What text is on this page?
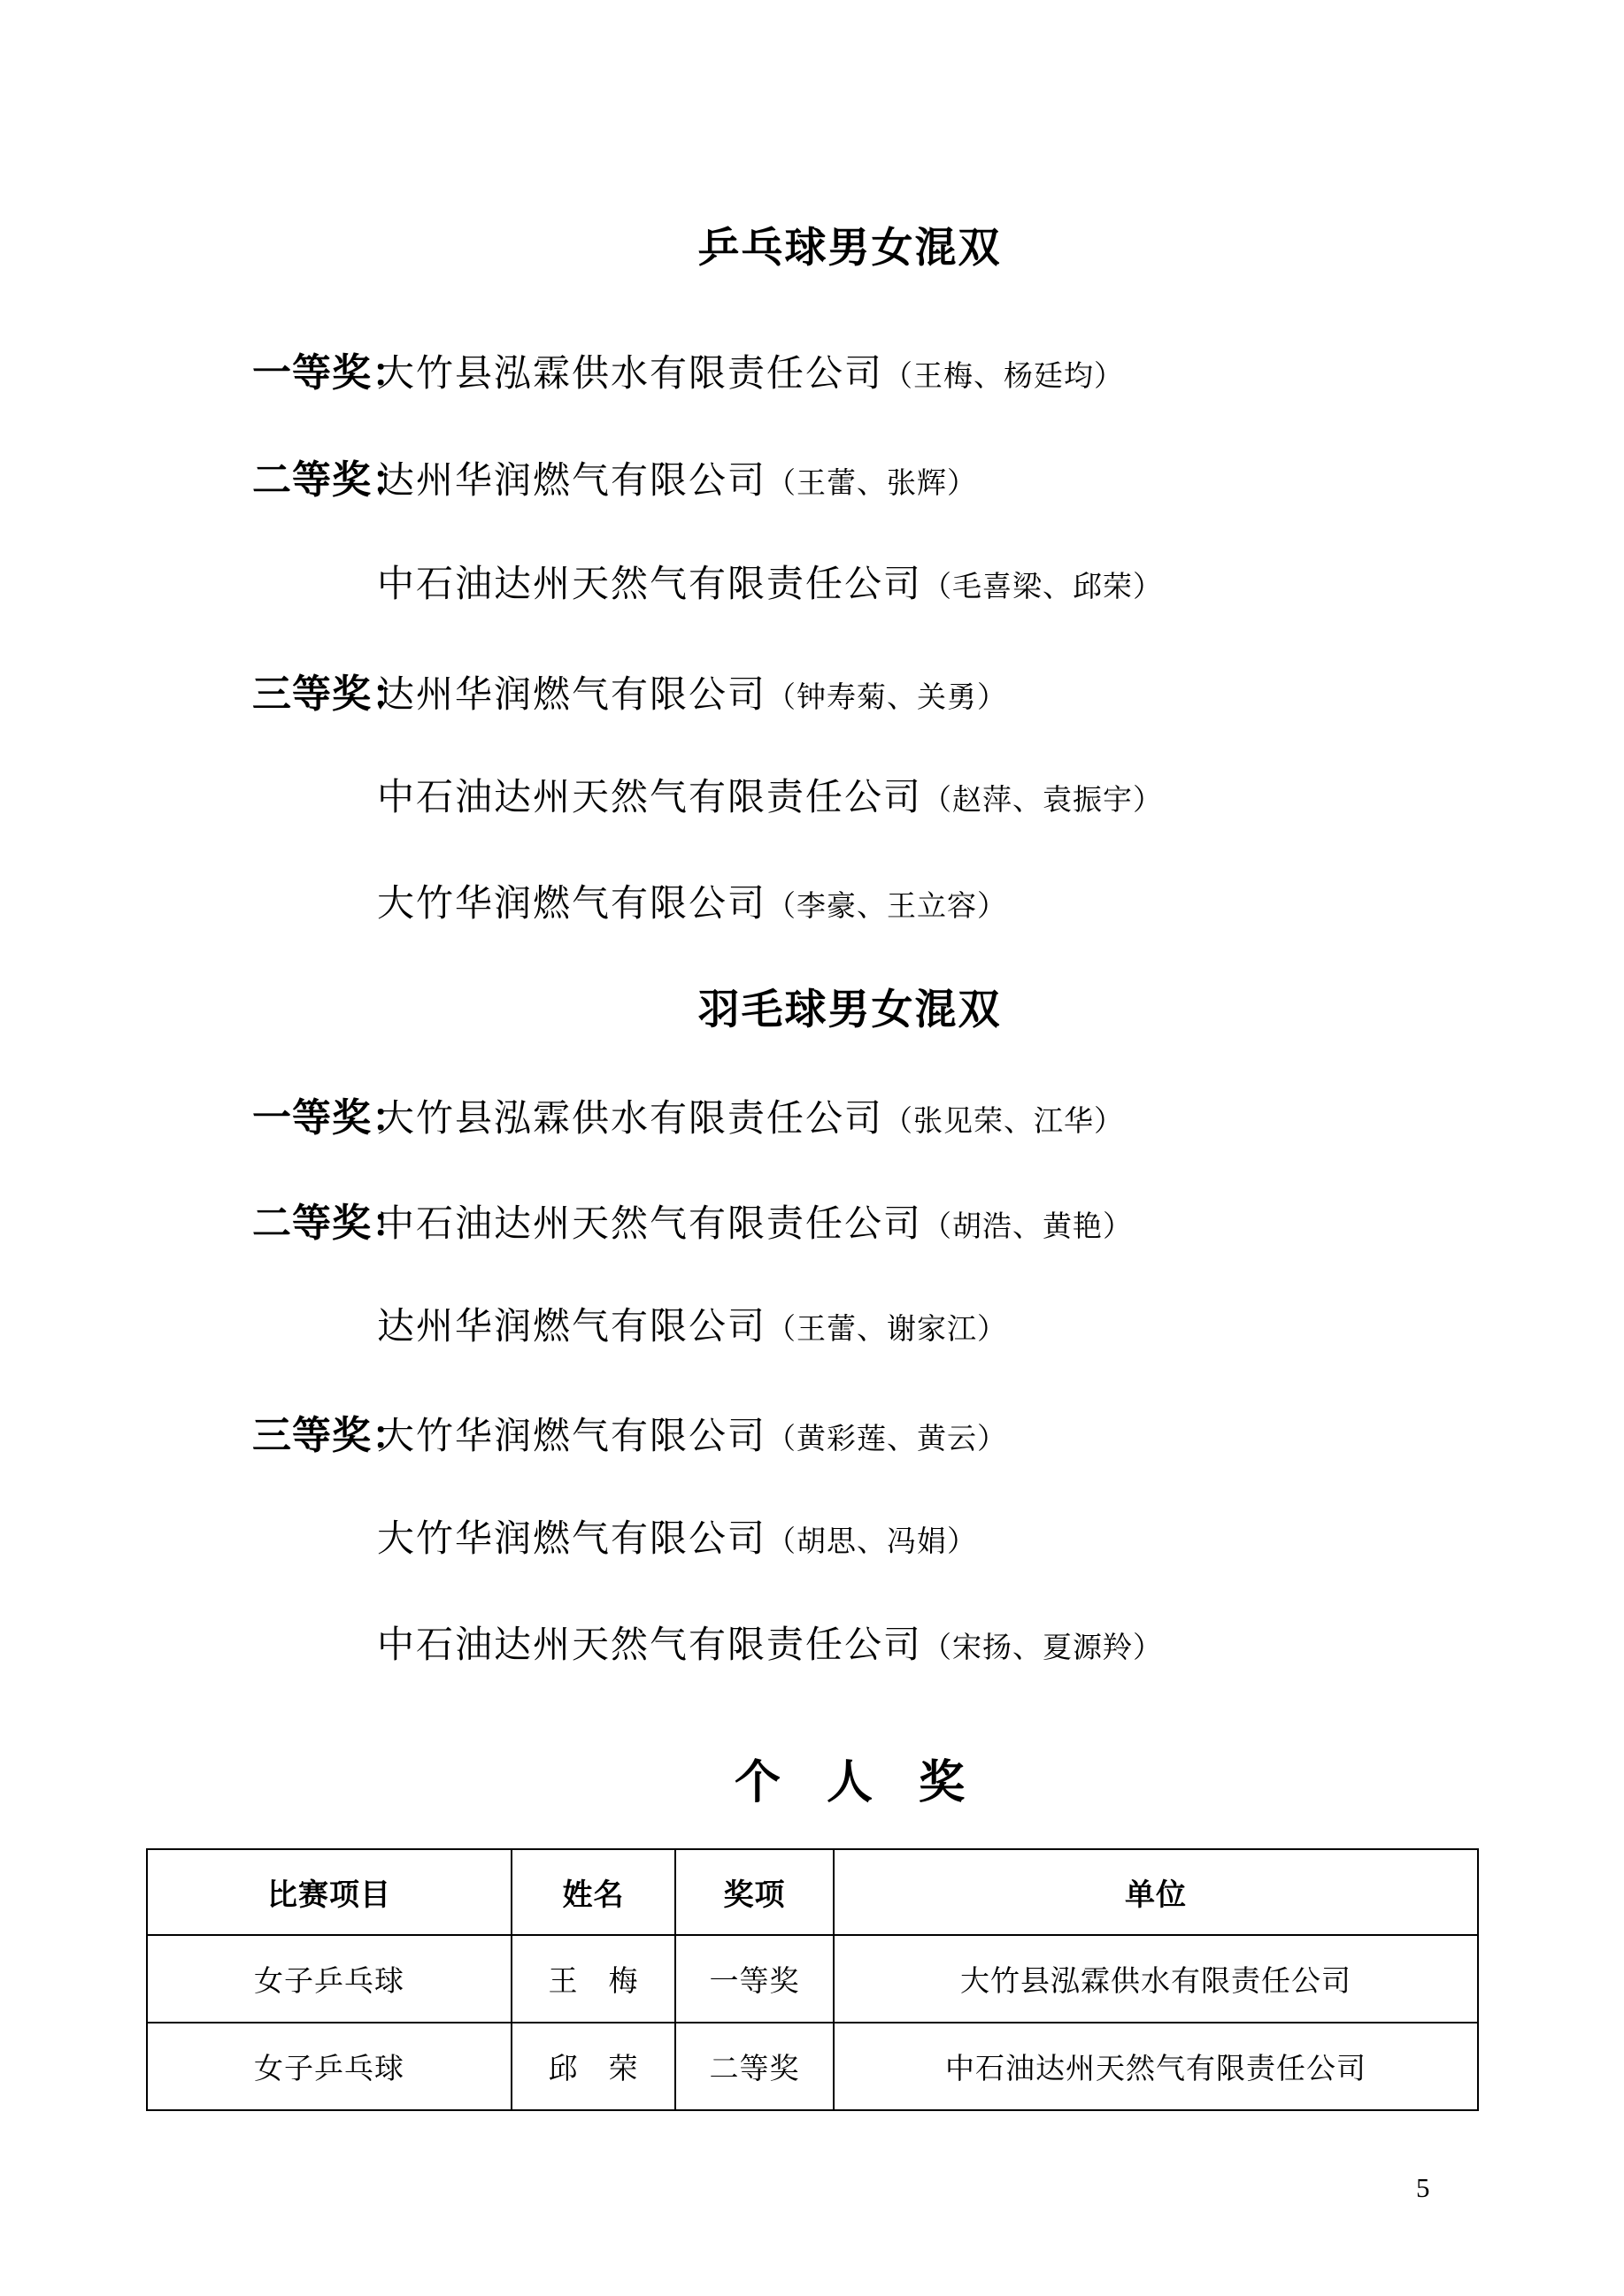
乒乓球男女混双
一等奖：大竹县泓霖供水有限责任公司（王梅、杨廷均）
二等奖：达州华润燃气有限公司（王蕾、张辉）
中石油达州天然气有限责任公司（毛喜梁、邱荣）
三等奖：达州华润燃气有限公司（钟寿菊、关勇）
中石油达州天然气有限责任公司（赵萍、袁振宇）
大竹华润燃气有限公司（李豪、王立容）
羽毛球男女混双
一等奖：大竹县泓霖供水有限责任公司（张见荣、江华）
二等奖：中石油达州天然气有限责任公司（胡浩、黄艳）
达州华润燃气有限公司（王蕾、谢家江）
三等奖：大竹华润燃气有限公司（黄彩莲、黄云）
大竹华润燃气有限公司（胡思、冯娟）
中石油达州天然气有限责任公司（宋扬、夏源羚）
个　人　奖
比赛项目	姓名	奖项	单位
女子乒乓球	王　梅	一等奖	大竹县泓霖供水有限责任公司
女子乒乓球	邱　荣	二等奖	中石油达州天然气有限责任公司
5
